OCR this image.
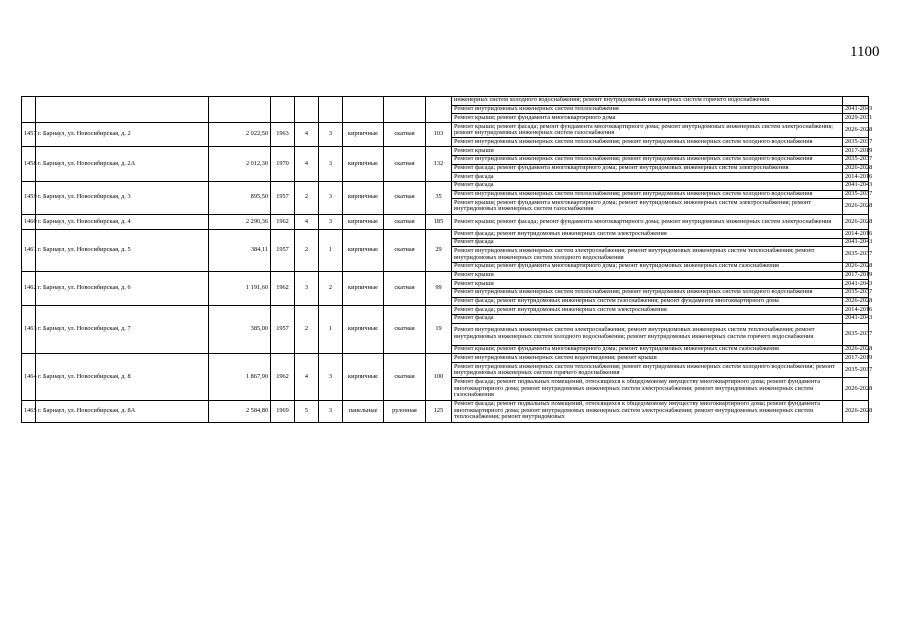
1100
									инженерных систем холодного водоснабжения; ремонт внутридомовых инженерных систем горячего водоснабжения	
									Ремонт внутридомовых инженерных систем теплоснабжения	2041-2043
									Ремонт крыши; ремонт фундамента многоквартирного дома	2029-2031
1457	г. Барнаул, ул. Новосибирская, д. 2	2 022,50	1963	4	3	кирпичные	скатная	103	Ремонт крыши; ремонт фасада; ремонт фундамента многоквартирного дома; ремонт внутридомовых инженерных систем электроснабжения; ремонт внутридомовых инженерных систем газоснабжения	2026-2028
									Ремонт внутридомовых инженерных систем теплоснабжения; ремонт внутридомовых инженерных систем холодного водоснабжения	2035-2037
1458	г. Барнаул, ул. Новосибирская, д. 2А	2 012,30	1970	4	3	кирпичные	скатная	132	Ремонт крыши	2017-2019
									Ремонт внутридомовых инженерных систем теплоснабжения; ремонт внутридомовых инженерных систем холодного водоснабжения	2035-2037
									Ремонт фасада; ремонт фундамента многоквартирного дома; ремонт внутридомовых инженерных систем электроснабжения	2026-2028
									Ремонт фасада	2014-2016
1459	г. Барнаул, ул. Новосибирская, д. 3	895,50	1957	2	3	кирпичные	скатная	35	Ремонт фасада	2041-2043
									Ремонт внутридомовых инженерных систем теплоснабжения; ремонт внутридомовых инженерных систем холодного водоснабжения	2035-2037
									Ремонт крыши; ремонт фундамента многоквартирного дома; ремонт внутридомовых инженерных систем электроснабжения; ремонт внутридомовых инженерных систем газоснабжения	2026-2028
1460	г. Барнаул, ул. Новосибирская, д. 4	2 290,36	1962	4	3	кирпичные	скатная	185	Ремонт крыши; ремонт фасада; ремонт фундамента многоквартирного дома; ремонт внутридомовых инженерных систем электроснабжения	2026-2028
1461	г. Барнаул, ул. Новосибирская, д. 5	384,11	1957	2	1	кирпичные	скатная	29	Ремонт фасада; ремонт внутридомовых инженерных систем электроснабжения	2014-2016
									Ремонт фасада	2041-2043
									Ремонт внутридомовых инженерных систем электроснабжения; ремонт внутридомовых инженерных систем теплоснабжения; ремонт внутридомовых инженерных систем холодного водоснабжения	2035-2037
									Ремонт крыши; ремонт фундамента многоквартирного дома; ремонт внутридомовых инженерных систем газоснабжения	2026-2028
1462	г. Барнаул, ул. Новосибирская, д. 6	1 191,60	1962	3	2	кирпичные	скатная	99	Ремонт крыши	2017-2019
									Ремонт крыши	2041-2043
									Ремонт внутридомовых инженерных систем теплоснабжения; ремонт внутридомовых инженерных систем холодного водоснабжения	2035-2037
									Ремонт фасада; ремонт внутридомовых инженерных систем газоснабжения; ремонт фундамента многоквартирного дома	2026-2028
1463	г. Барнаул, ул. Новосибирская, д. 7	385,00	1957	2	1	кирпичные	скатная	19	Ремонт фасада; ремонт внутридомовых инженерных систем электроснабжения	2014-2016
									Ремонт фасада	2041-2043
									Ремонт внутридомовых инженерных систем электроснабжения; ремонт внутридомовых инженерных систем теплоснабжения; ремонт внутридомовых инженерных систем холодного водоснабжения; ремонт внутридомовых инженерных систем горячего водоснабжения	2035-2037
									Ремонт крыши; ремонт фундамента многоквартирного дома; ремонт внутридомовых инженерных систем газоснабжения	2026-2028
1464	г. Барнаул, ул. Новосибирская, д. 8	1 867,90	1962	4	3	кирпичные	скатная	100	Ремонт внутридомовых инженерных систем водоотведения; ремонт крыши	2017-2019
									Ремонт внутридомовых инженерных систем теплоснабжения; ремонт внутридомовых инженерных систем холодного водоснабжения; ремонт внутридомовых инженерных систем горячего водоснабжения	2035-2037
									Ремонт фасада; ремонт подвальных помещений, относящихся к общедомовому имуществу многоквартирного дома; ремонт фундамента многоквартирного дома; ремонт внутридомовых инженерных систем электроснабжения; ремонт внутридомовых инженерных систем газоснабжения	2026-2028
1465	г. Барнаул, ул. Новосибирская, д. 8А	2 584,80	1969	5	3	панельные	рулонная	125	Ремонт фасада; ремонт подвальных помещений, относящихся к общедомовому имуществу многоквартирного дома; ремонт фундамента многоквартирного дома; ремонт внутридомовых инженерных систем электроснабжения; ремонт внутридомовых инженерных систем теплоснабжения; ремонт внутридомовых	2026-2028
